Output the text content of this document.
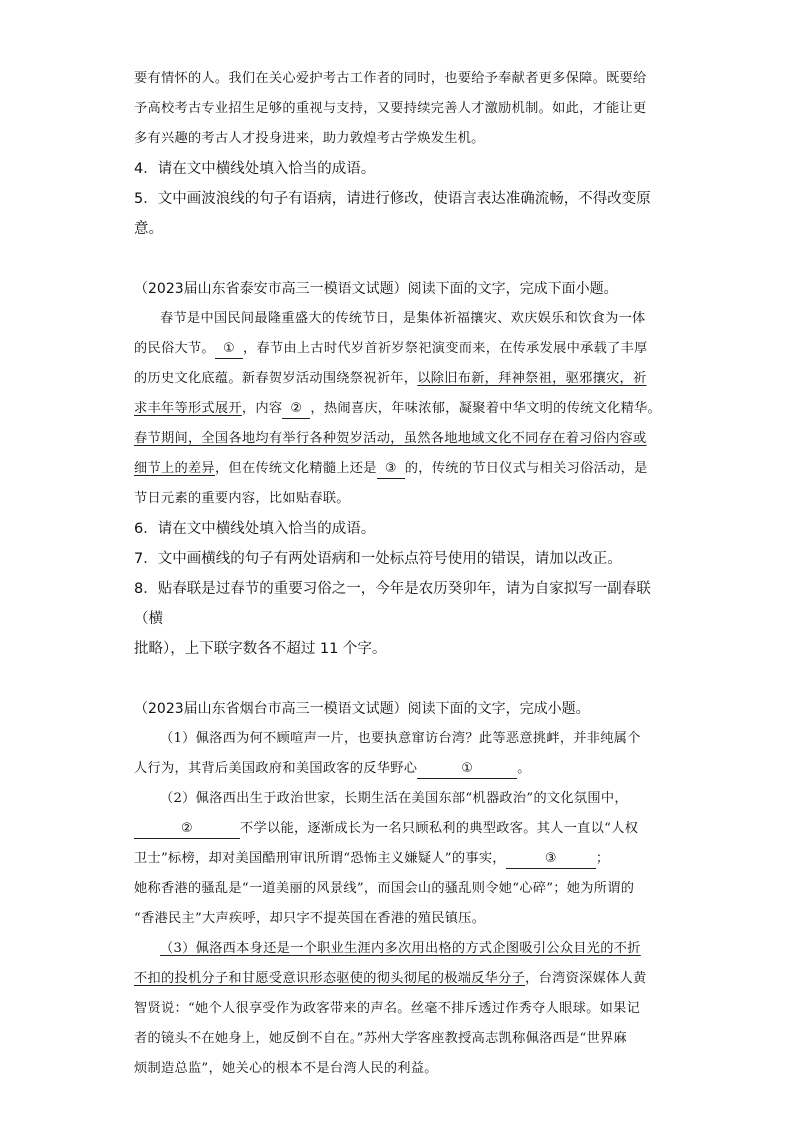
要有情怀的人。我们在关心爱护考古工作者的同时，也要给予奉献者更多保障。既要给

予高校考古专业招生足够的重视与支持，又要持续完善人才激励机制。如此，才能让更

多有兴趣的考古人才投身进来，助力敦煌考古学焕发生机。

4．请在文中横线处填入恰当的成语。

5．文中画波浪线的句子有语病，请进行修改，使语言表达准确流畅，不得改变原意。

（2023届山东省泰安市高三一模语文试题）阅读下面的文字，完成下面小题。

春节是中国民间最隆重盛大的传统节日，是集体祈福攘灾、欢庆娱乐和饮食为一体

的民俗大节。 ① ，春节由上古时代岁首祈岁祭祀演变而来，在传承发展中承载了丰厚

的历史文化底蕴。新春贺岁活动围绕祭祝祈年，以除旧布新，拜神祭祖，驱邪攘灾，祈

求丰年等形式展开，内容 ② ，热闹喜庆，年味浓郁，凝聚着中华文明的传统文化精华。

春节期间，全国各地均有举行各种贺岁活动，虽然各地地域文化不同存在着习俗内容或

细节上的差异，但在传统文化精髓上还是 ③ 的，传统的节日仪式与相关习俗活动，是

节日元素的重要内容，比如贴春联。

6．请在文中横线处填入恰当的成语。

7．文中画横线的句子有两处语病和一处标点符号使用的错误，请加以改正。

8．贴春联是过春节的重要习俗之一，今年是农历癸卯年，请为自家拟写一副春联（横

批略），上下联字数各不超过 11 个字。

（2023届山东省烟台市高三一模语文试题）阅读下面的文字，完成小题。

（1）佩洛西为何不顾喧声一片，也要执意窜访台湾？此等恶意挑衅，并非纯属个

人行为，其背后美国政府和美国政客的反华野心	①	。

（2）佩洛西出生于政治世家，长期生活在美国东部“机器政治”的文化氛围中，

②	不学以能，逐渐成长为一名只顾私利的典型政客。其人一直以“人权

卫士”标榜，却对美国酷刑审讯所谓“恐怖主义嫌疑人”的事实，	③	；

她称香港的骚乱是“一道美丽的风景线”，而国会山的骚乱则令她“心碎”；她为所谓的

“香港民主”大声疾呼，却只字不提英国在香港的殖民镇压。

（3）佩洛西本身还是一个职业生涯内多次用出格的方式企图吸引公众目光的不折

不扣的投机分子和甘愿受意识形态驱使的彻头彻尾的极端反华分子，台湾资深媒体人黄

智贤说：“她个人很享受作为政客带来的声名。丝毫不排斥透过作秀夺人眼球。如果记

者的镜头不在她身上，她反倒不自在。”苏州大学客座教授高志凯称佩洛西是“世界麻

烦制造总监”，她关心的根本不是台湾人民的利益。
